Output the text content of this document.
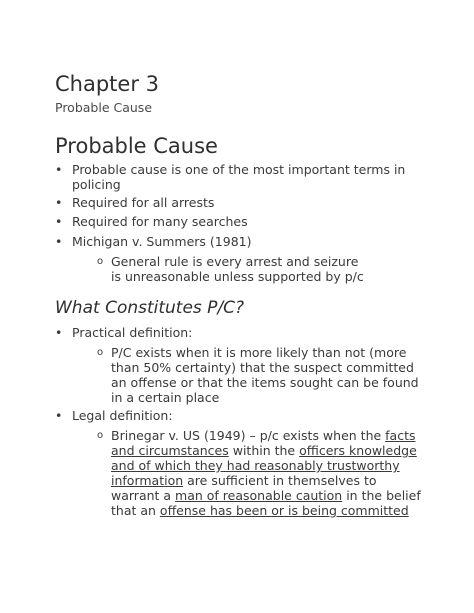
Chapter 3
Probable Cause
Probable Cause
• Probable cause is one of the most important terms in policing
• Required for all arrests
• Required for many searches
• Michigan v. Summers (1981)
o General rule is every arrest and seizure is unreasonable unless supported by p/c
What Constitutes P/C?
• Practical definition:
o P/C exists when it is more likely than not (more than 50% certainty) that the suspect committed an offense or that the items sought can be found in a certain place
• Legal definition:
o Brinegar v. US (1949) – p/c exists when the facts and circumstances within the officers knowledge and of which they had reasonably trustworthy information are sufficient in themselves to warrant a man of reasonable caution in the belief that an offense has been or is being committed
